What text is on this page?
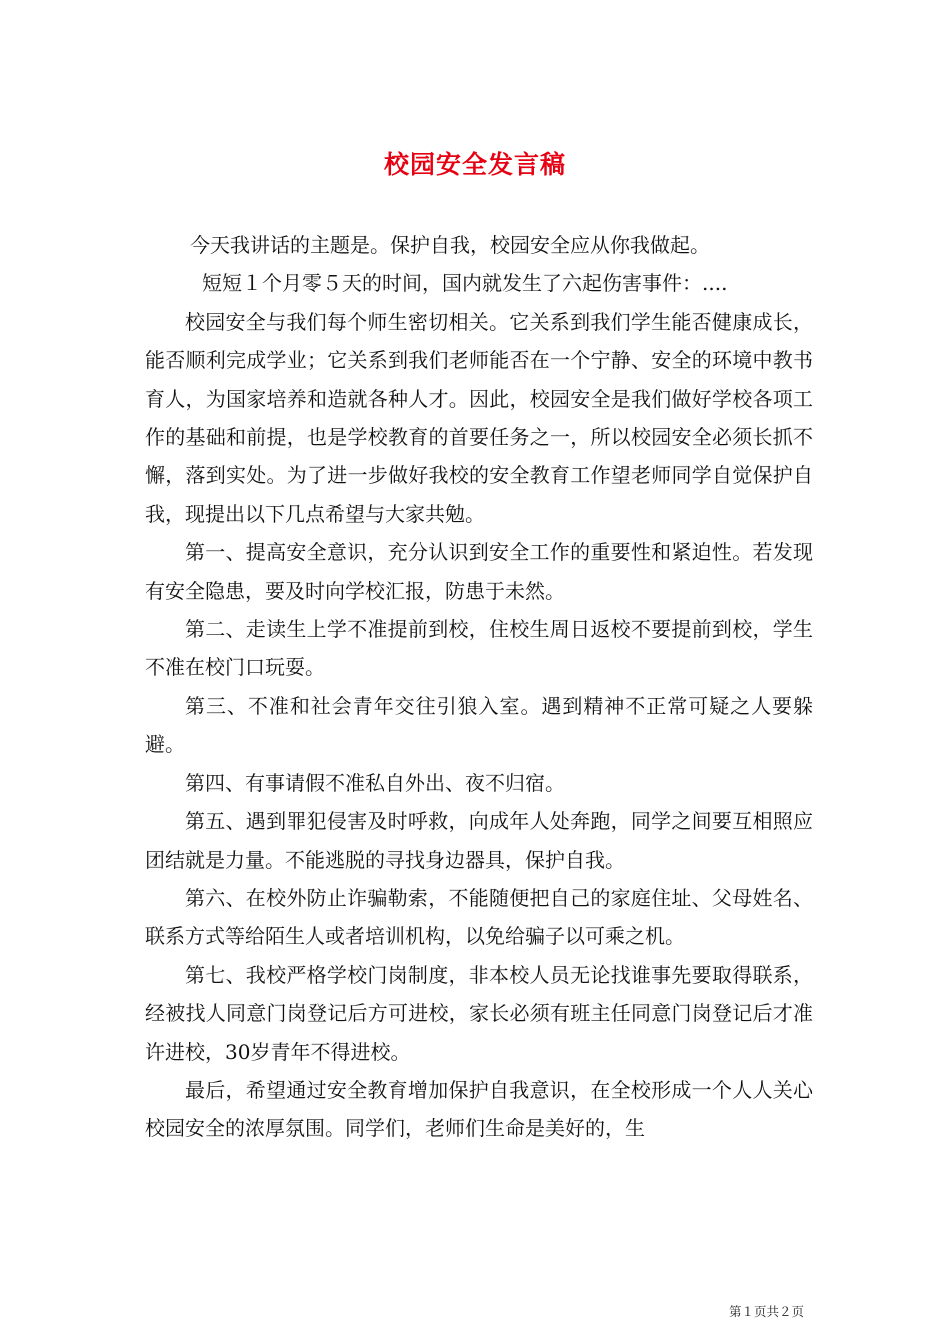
校园安全发言稿

今天我讲话的主题是。保护自我，校园安全应从你我做起。

短短１个月零５天的时间，国内就发生了六起伤害事件：....

校园安全与我们每个师生密切相关。它关系到我们学生能否健康成长，能否顺利完成学业；它关系到我们老师能否在一个宁静、安全的环境中教书育人，为国家培养和造就各种人才。因此，校园安全是我们做好学校各项工作的基础和前提，也是学校教育的首要任务之一，所以校园安全必须长抓不懈，落到实处。为了进一步做好我校的安全教育工作望老师同学自觉保护自我，现提出以下几点希望与大家共勉。

第一、提高安全意识，充分认识到安全工作的重要性和紧迫性。若发现有安全隐患，要及时向学校汇报，防患于未然。

第二、走读生上学不准提前到校，住校生周日返校不要提前到校，学生不准在校门口玩耍。

第三、不准和社会青年交往引狼入室。遇到精神不正常可疑之人要躲避。

第四、有事请假不准私自外出、夜不归宿。

第五、遇到罪犯侵害及时呼救，向成年人处奔跑，同学之间要互相照应团结就是力量。不能逃脱的寻找身边器具，保护自我。

第六、在校外防止诈骗勒索，不能随便把自己的家庭住址、父母姓名、联系方式等给陌生人或者培训机构，以免给骗子以可乘之机。

第七、我校严格学校门岗制度，非本校人员无论找谁事先要取得联系，经被找人同意门岗登记后方可进校，家长必须有班主任同意门岗登记后才准许进校，30岁青年不得进校。

最后，希望通过安全教育增加保护自我意识，在全校形成一个人人关心校园安全的浓厚氛围。同学们，老师们生命是美好的，生

第１页共２页
